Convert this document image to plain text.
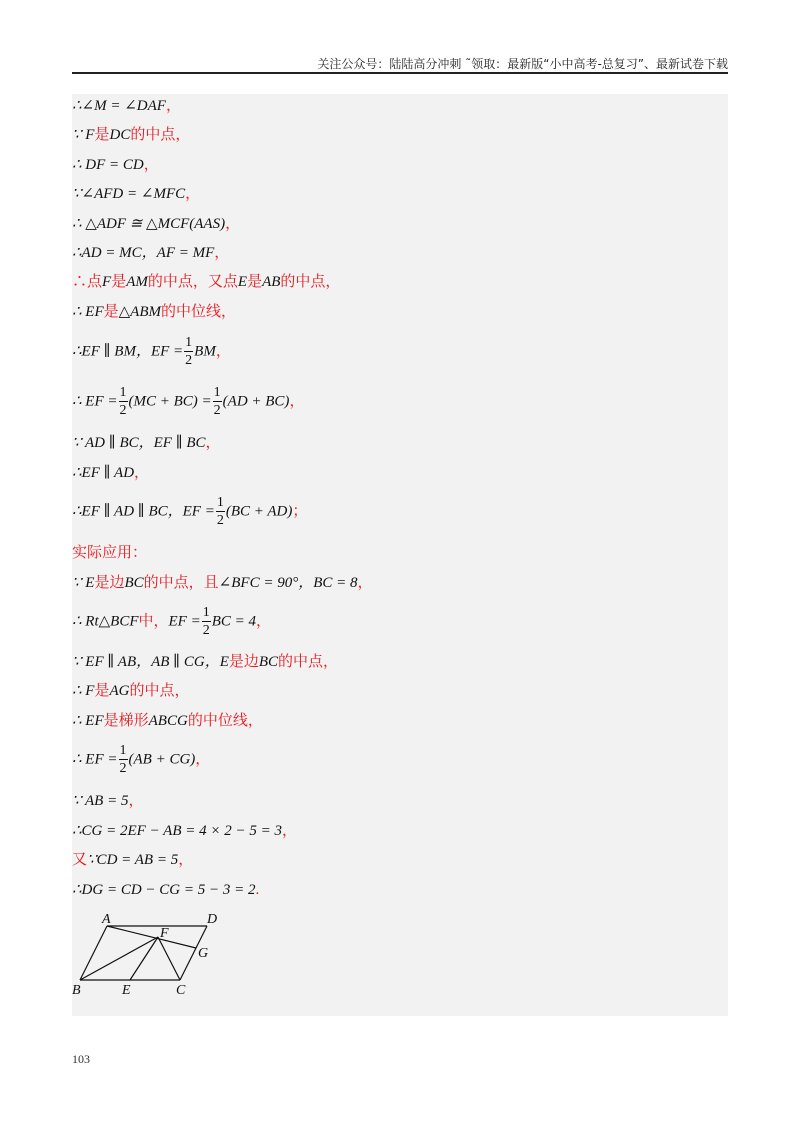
关注公众号：陆陆高分冲刺 ˜领取：最新版“小中高考-总复习”、最新试卷下载
∴∠M = ∠DAF，
∵ F是DC的中点，
∴ DF = CD，
∵∠AFD = ∠MFC，
∴ △ADF ≅ △MCF(AAS)，
∴AD = MC，AF = MF，
∴点F是AM的中点，又点E是AB的中点，
∴ EF是△ABM的中位线，
∴EF ∥ BM，EF = $\frac{1}{2}$ BM，
∴ EF = $\frac{1}{2} (MC + BC) = \frac{1}{2} (AD + BC)$，
∵ AD ∥ BC，EF ∥ BC，
∴EF ∥ AD，
∴EF ∥ AD ∥ BC，EF = $\frac{1}{2} (BC + AD)$；
实际应用：
∵ E是边BC的中点，且∠BFC = 90°，BC = 8，
∴ Rt△BCF中，EF = $\frac{1}{2}$ BC = 4，
∵ EF ∥ AB，AB ∥ CG，E是边BC的中点，
∴ F是AG的中点，
∴ EF是梯形ABCG的中位线，
∴ EF = $\frac{1}{2} (AB + CG)$，
∵ AB = 5，
∴CG = 2EF − AB = 4 × 2 − 5 = 3，
又∵CD = AB = 5，
∴DG = CD − CG = 5 − 3 = 2.
A	D
F
G
B	E	C
103
